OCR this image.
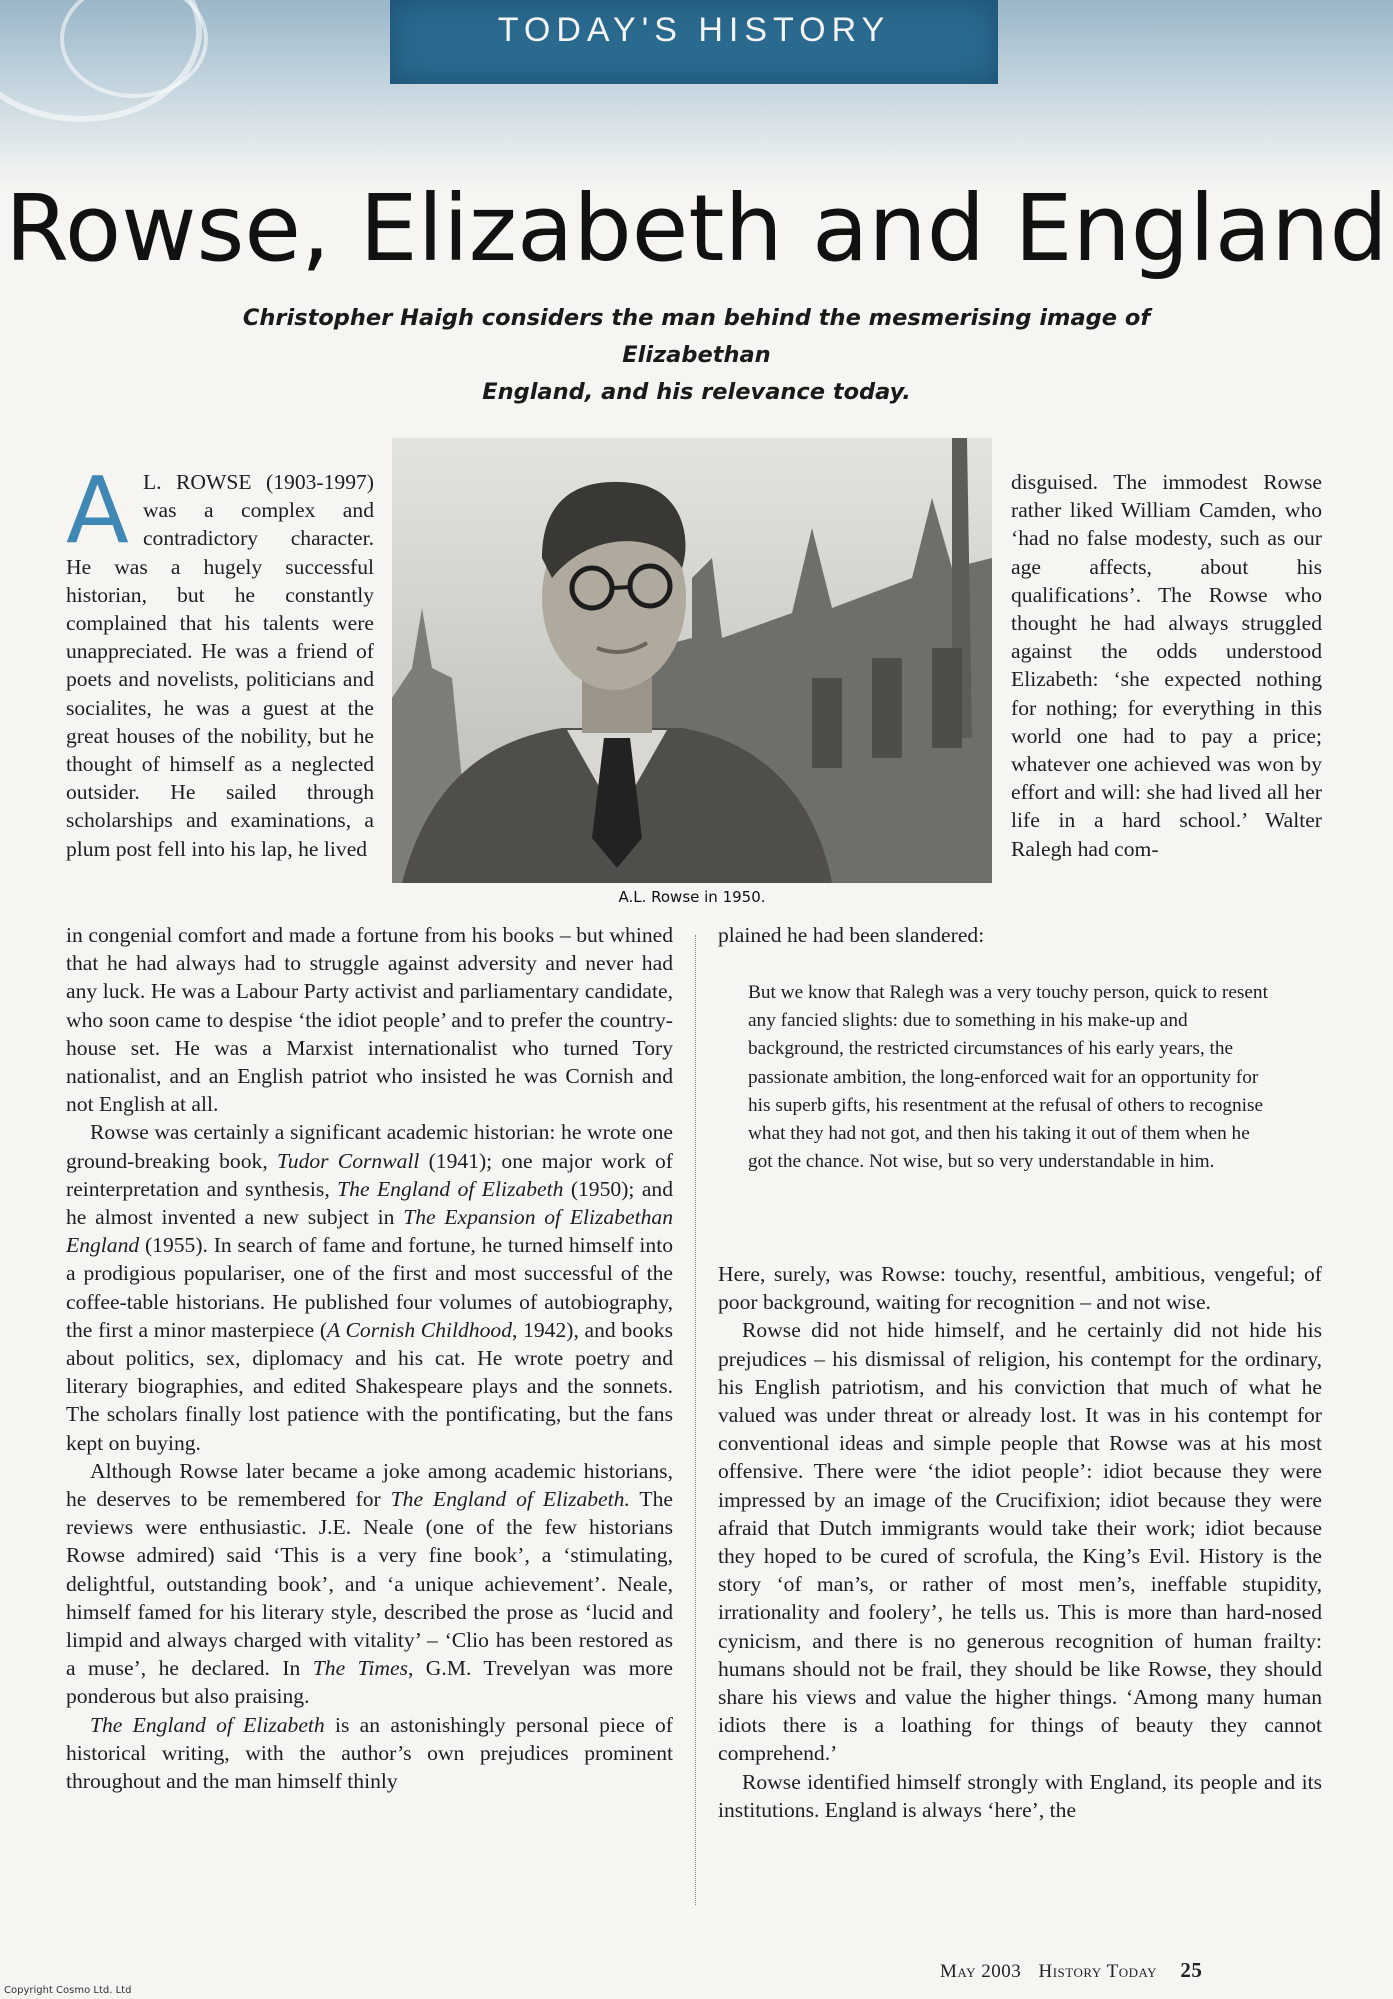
TODAY'S HISTORY
Rowse, Elizabeth and England
Christopher Haigh considers the man behind the mesmerising image of Elizabethan
England, and his relevance today.

A L. ROWSE (1903-1997) was a complex and contradictory character. He was a hugely successful historian, but he constantly complained that his talents were unappreciated. He was a friend of poets and novelists, politicians and socialites, he was a guest at the great houses of the nobility, but he thought of himself as a neglected outsider. He sailed through scholarships and examinations, a plum post fell into his lap, he lived

A.L. Rowse in 1950.

disguised. The immodest Rowse rather liked William Camden, who ‘had no false modesty, such as our age affects, about his qualifications’. The Rowse who thought he had always struggled against the odds understood Elizabeth: ‘she expected nothing for nothing; for everything in this world one had to pay a price; whatever one achieved was won by effort and will: she had lived all her life in a hard school.’ Walter Ralegh had com-

in congenial comfort and made a fortune from his books – but whined that he had always had to struggle against adversity and never had any luck. He was a Labour Party activist and parliamentary candidate, who soon came to despise ‘the idiot people’ and to prefer the country-house set. He was a Marxist internationalist who turned Tory nationalist, and an English patriot who insisted he was Cornish and not English at all.

Rowse was certainly a significant academic historian: he wrote one ground-breaking book, Tudor Cornwall (1941); one major work of reinterpretation and synthesis, The England of Elizabeth (1950); and he almost invented a new subject in The Expansion of Elizabethan England (1955). In search of fame and fortune, he turned himself into a prodigious populariser, one of the first and most successful of the coffee-table historians. He published four volumes of autobiography, the first a minor masterpiece (A Cornish Childhood, 1942), and books about politics, sex, diplomacy and his cat. He wrote poetry and literary biographies, and edited Shakespeare plays and the sonnets. The scholars finally lost patience with the pontificating, but the fans kept on buying.

Although Rowse later became a joke among academic historians, he deserves to be remembered for The England of Elizabeth. The reviews were enthusiastic. J.E. Neale (one of the few historians Rowse admired) said ‘This is a very fine book’, a ‘stimulating, delightful, outstanding book’, and ‘a unique achievement’. Neale, himself famed for his literary style, described the prose as ‘lucid and limpid and always charged with vitality’ – ‘Clio has been restored as a muse’, he declared. In The Times, G.M. Trevelyan was more ponderous but also praising.

The England of Elizabeth is an astonishingly personal piece of historical writing, with the author’s own prejudices prominent throughout and the man himself thinly

plained he had been slandered:

But we know that Ralegh was a very touchy person, quick to resent any fancied slights: due to something in his make-up and background, the restricted circumstances of his early years, the passionate ambition, the long-enforced wait for an opportunity for his superb gifts, his resentment at the refusal of others to recognise what they had not got, and then his taking it out of them when he got the chance. Not wise, but so very understandable in him.

Here, surely, was Rowse: touchy, resentful, ambitious, vengeful; of poor background, waiting for recognition – and not wise.

Rowse did not hide himself, and he certainly did not hide his prejudices – his dismissal of religion, his contempt for the ordinary, his English patriotism, and his conviction that much of what he valued was under threat or already lost. It was in his contempt for conventional ideas and simple people that Rowse was at his most offensive. There were ‘the idiot people’: idiot because they were impressed by an image of the Crucifixion; idiot because they were afraid that Dutch immigrants would take their work; idiot because they hoped to be cured of scrofula, the King’s Evil. History is the story ‘of man’s, or rather of most men’s, ineffable stupidity, irrationality and foolery’, he tells us. This is more than hard-nosed cynicism, and there is no generous recognition of human frailty: humans should not be frail, they should be like Rowse, they should share his views and value the higher things. ‘Among many human idiots there is a loathing for things of beauty they cannot comprehend.’

Rowse identified himself strongly with England, its people and its institutions. England is always ‘here’, the

May 2003 History Today 25
Copyright Cosmo Ltd. Ltd
